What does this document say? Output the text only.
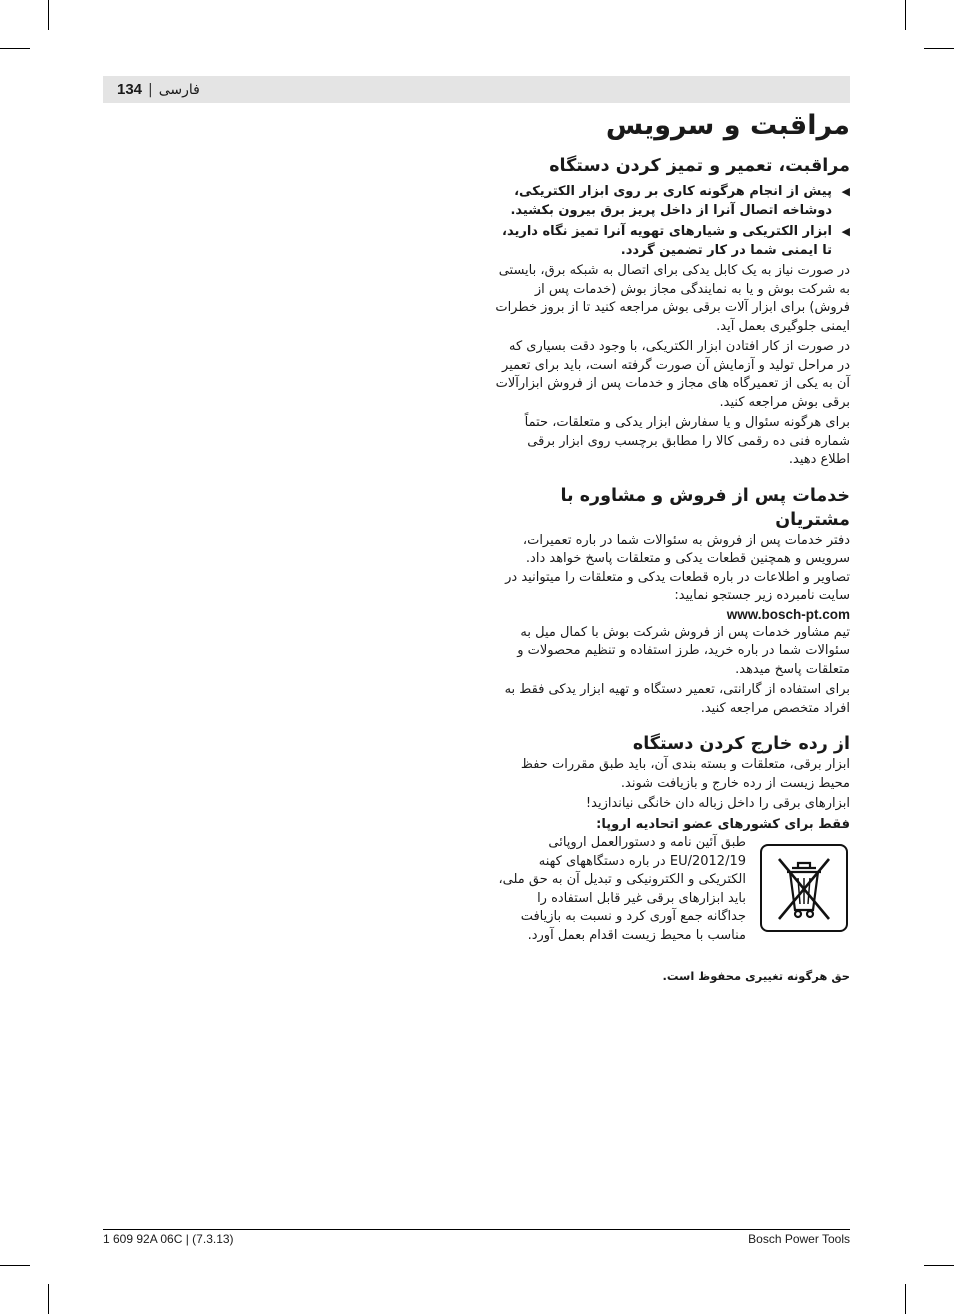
134 | فارسی
مراقبت و سرویس
مراقبت، تعمیر و تمیز کردن دستگاه
◀
پیش از انجام هرگونه کاری بر روی ابزار الکتریکی، دوشاخه اتصال آنرا از داخل پریز برق بیرون بکشید.
◀
ابزار الکتریکی و شیارهای تهویه آنرا تمیز نگاه دارید، تا ایمنی شما در کار تضمین گردد.

در صورت نیاز به یک کابل یدکی برای اتصال به شبکه برق، بایستی به شرکت بوش و یا به نمایندگی مجاز بوش (خدمات پس از فروش) برای ابزار آلات برقی بوش مراجعه کنید تا از بروز خطرات ایمنی جلوگیری بعمل آید.

در صورت از کار افتادن ابزار الکتریکی، با وجود دقت بسیاری که در مراحل تولید و آزمایش آن صورت گرفته است، باید برای تعمیر آن به یکی از تعمیرگاه های مجاز و خدمات پس از فروش ابزارآلات برقی بوش مراجعه کنید.

برای هرگونه سئوال و یا سفارش ابزار یدکی و متعلقات، حتماً شماره فنی ده رقمی کالا را مطابق برچسب روی ابزار برقی اطلاع دهید.

خدمات پس از فروش و مشاوره با مشتریان

دفتر خدمات پس از فروش به سئوالات شما در باره تعمیرات، سرویس و همچنین قطعات یدکی و متعلقات پاسخ خواهد داد. تصاویر و اطلاعات در باره قطعات یدکی و متعلقات را میتوانید در سایت نامبرده زیر جستجو نمایید:

www.bosch-pt.com

تیم مشاور خدمات پس از فروش شرکت بوش با کمال میل به سئوالات شما در باره خرید، طرز استفاده و تنظیم محصولات و متعلقات پاسخ میدهد.

برای استفاده از گارانتی، تعمیر دستگاه و تهیه ابزار یدکی فقط به افراد متخصص مراجعه کنید.

از رده خارج کردن دستگاه

ابزار برقی، متعلقات و بسته بندی آن، باید طبق مقررات حفظ محیط زیست از رده خارج و بازیافت شوند.

ابزارهای برقی را داخل زباله دان خانگی نیاندازید!

فقط برای کشورهای عضو اتحادیه اروپا:

طبق آئین نامه و دستورالعمل اروپائی 2012/19/EU در باره دستگاههای کهنه الکتریکی و الکترونیکی و تبدیل آن به حق ملی، باید ابزارهای برقی غیر قابل استفاده را جداگانه جمع آوری کرد و نسبت به بازیافت مناسب با محیط زیست اقدام بعمل آورد.

حق هرگونه تغییری محفوظ است.

1 609 92A 06C | (7.3.13)	Bosch Power Tools
